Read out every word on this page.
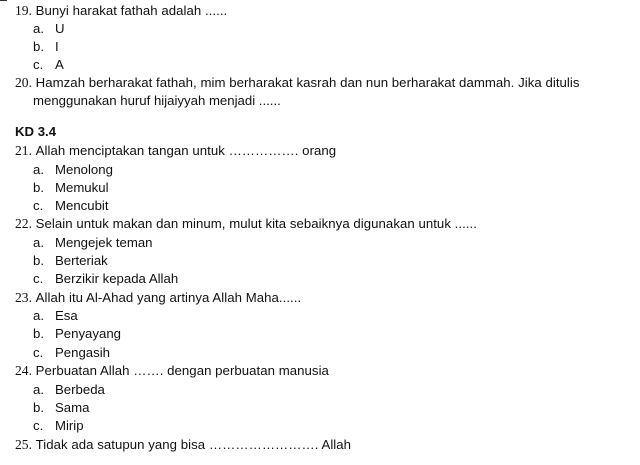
19. Bunyi harakat fathah adalah ......
a. U
b. I
c. A
20. Hamzah berharakat fathah, mim berharakat kasrah dan nun berharakat dammah. Jika ditulis
menggunakan huruf hijaiyyah menjadi ......
KD 3.4
21. Allah menciptakan tangan untuk ……………. orang
a. Menolong
b. Memukul
c. Mencubit
22. Selain untuk makan dan minum, mulut kita sebaiknya digunakan untuk ......
a. Mengejek teman
b. Berteriak
c. Berzikir kepada Allah
23. Allah itu Al-Ahad yang artinya Allah Maha......
a. Esa
b. Penyayang
c. Pengasih
24. Perbuatan Allah ……. dengan perbuatan manusia
a. Berbeda
b. Sama
c. Mirip
25. Tidak ada satupun yang bisa ……………………. Allah
